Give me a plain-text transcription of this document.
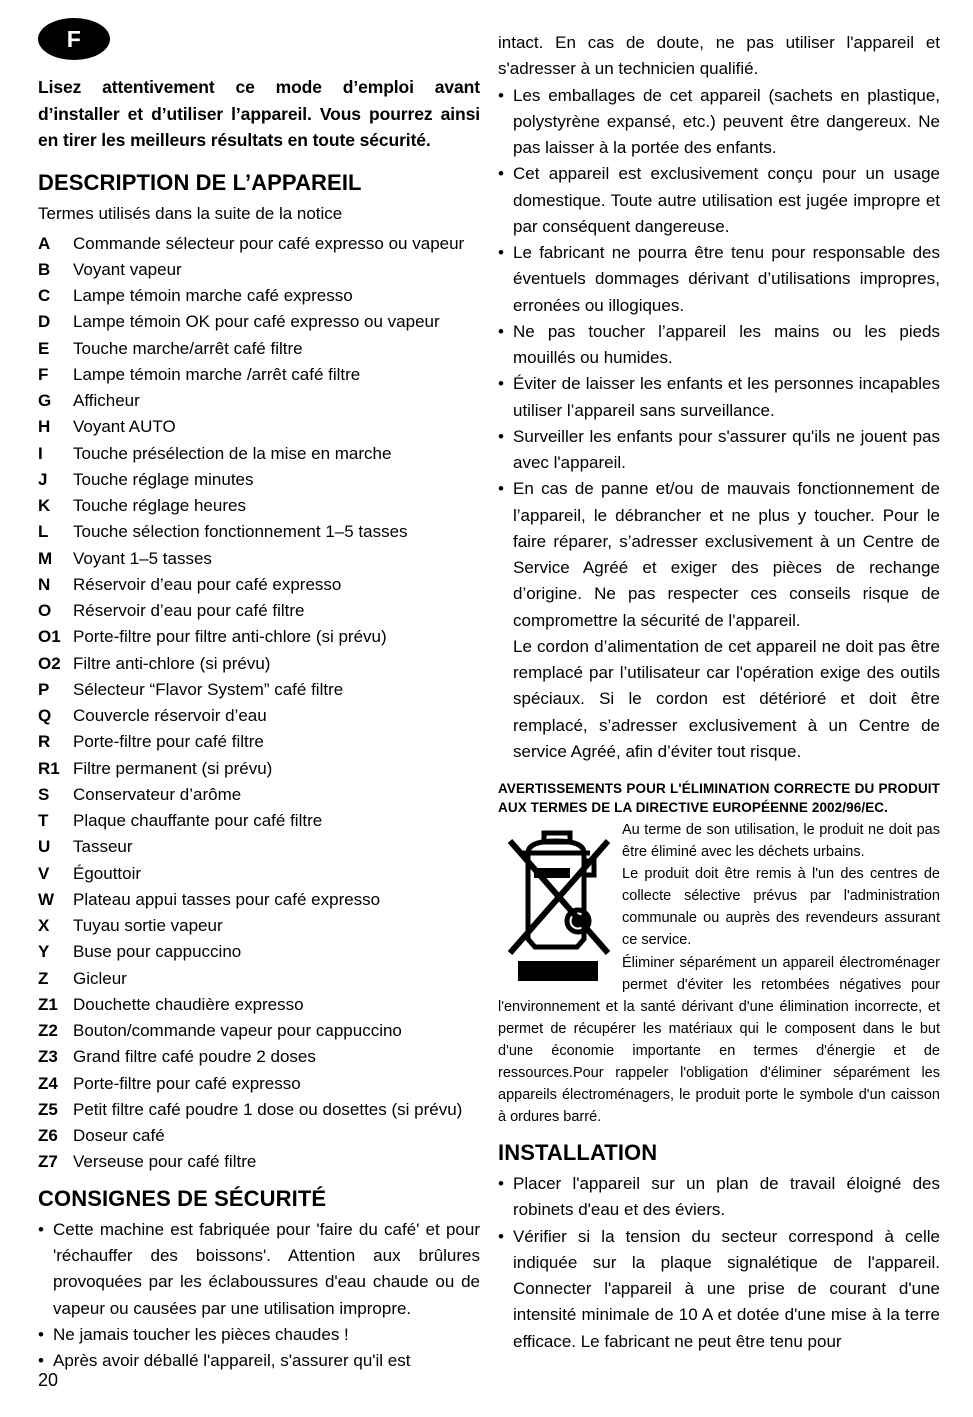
F
Lisez attentivement ce mode d’emploi avant d’installer et d’utiliser l’appareil. Vous pourrez ainsi en tirer les meilleurs résultats en toute sécurité.
DESCRIPTION DE L’APPAREIL
Termes utilisés dans la suite de la notice
A	Commande sélecteur pour café expresso ou vapeur
B	Voyant vapeur
C	Lampe témoin marche café expresso
D	Lampe témoin OK pour café expresso ou vapeur
E	Touche marche/arrêt café filtre
F	Lampe témoin marche /arrêt café filtre
G	Afficheur
H	Voyant AUTO
I	Touche présélection de la mise en marche
J	Touche réglage minutes
K	Touche réglage heures
L	Touche sélection fonctionnement 1–5 tasses
M	Voyant 1–5 tasses
N	Réservoir d’eau pour café expresso
O	Réservoir d’eau pour café filtre
O1 Porte-filtre pour filtre anti-chlore (si prévu)
O2 Filtre anti-chlore (si prévu)
P	Sélecteur “Flavor System” café filtre
Q	Couvercle réservoir d’eau
R	Porte-filtre pour café filtre
R1 Filtre permanent (si prévu)
S	Conservateur d’arôme
T	Plaque chauffante pour café filtre
U	Tasseur
V	Égouttoir
W	Plateau appui tasses pour café expresso
X	Tuyau sortie vapeur
Y	Buse pour cappuccino
Z	Gicleur
Z1 Douchette chaudière expresso
Z2 Bouton/commande vapeur pour cappuccino
Z3 Grand filtre café poudre 2 doses
Z4 Porte-filtre pour café expresso
Z5 Petit filtre café poudre 1 dose ou dosettes (si prévu)
Z6 Doseur café
Z7 Verseuse pour café filtre
CONSIGNES DE SÉCURITÉ
• Cette machine est fabriquée pour 'faire du café' et pour 'réchauffer des boissons'. Attention aux brûlures provoquées par les éclaboussures d'eau chaude ou de vapeur ou causées par une utilisation impropre.
• Ne jamais toucher les pièces chaudes !
• Après avoir déballé l'appareil, s'assurer qu'il est
intact. En cas de doute, ne pas utiliser l'appareil et s'adresser à un technicien qualifié.
• Les emballages de cet appareil (sachets en plastique, polystyrène expansé, etc.) peuvent être dangereux. Ne pas laisser à la portée des enfants.
• Cet appareil est exclusivement conçu pour un usage domestique. Toute autre utilisation est jugée impropre et par conséquent dangereuse.
• Le fabricant ne pourra être tenu pour responsable des éventuels dommages dérivant d’utilisations impropres, erronées ou illogiques.
• Ne pas toucher l’appareil les mains ou les pieds mouillés ou humides.
• Éviter de laisser les enfants et les personnes incapables utiliser l’appareil sans surveillance.
• Surveiller les enfants pour s'assurer qu'ils ne jouent pas avec l'appareil.
• En cas de panne et/ou de mauvais fonctionnement de l’appareil, le débrancher et ne plus y toucher. Pour le faire réparer, s’adresser exclusivement à un Centre de Service Agréé et exiger des pièces de rechange d’origine. Ne pas respecter ces conseils risque de compromettre la sécurité de l'appareil.
Le cordon d’alimentation de cet appareil ne doit pas être remplacé par l’utilisateur car l'opération exige des outils spéciaux. Si le cordon est détérioré et doit être remplacé, s’adresser exclusivement à un Centre de service Agréé, afin d’éviter tout risque.
AVERTISSEMENTS POUR L'ÉLIMINATION CORRECTE DU PRODUIT AUX TERMES DE LA DIRECTIVE EUROPÉENNE 2002/96/EC.

Au terme de son utilisation, le produit ne doit pas être éliminé avec les déchets urbains.

Le produit doit être remis à l'un des centres de collecte sélective prévus par l'administration communale ou auprès des revendeurs assurant ce service.

Éliminer séparément un appareil électroménager permet d'éviter les retombées négatives pour l'environnement et la santé dérivant d'une élimination incorrecte, et permet de récupérer les matériaux qui le composent dans le but d'une économie importante en termes d'énergie et de ressources.Pour rappeler l'obligation d'éliminer séparément les appareils électroménagers, le produit porte le symbole d'un caisson à ordures barré.

INSTALLATION
• Placer l'appareil sur un plan de travail éloigné des robinets d'eau et des éviers.
• Vérifier si la tension du secteur correspond à celle indiquée sur la plaque signalétique de l'appareil. Connecter l'appareil à une prise de courant d'une intensité minimale de 10 A et dotée d'une mise à la terre efficace. Le fabricant ne peut être tenu pour
20
